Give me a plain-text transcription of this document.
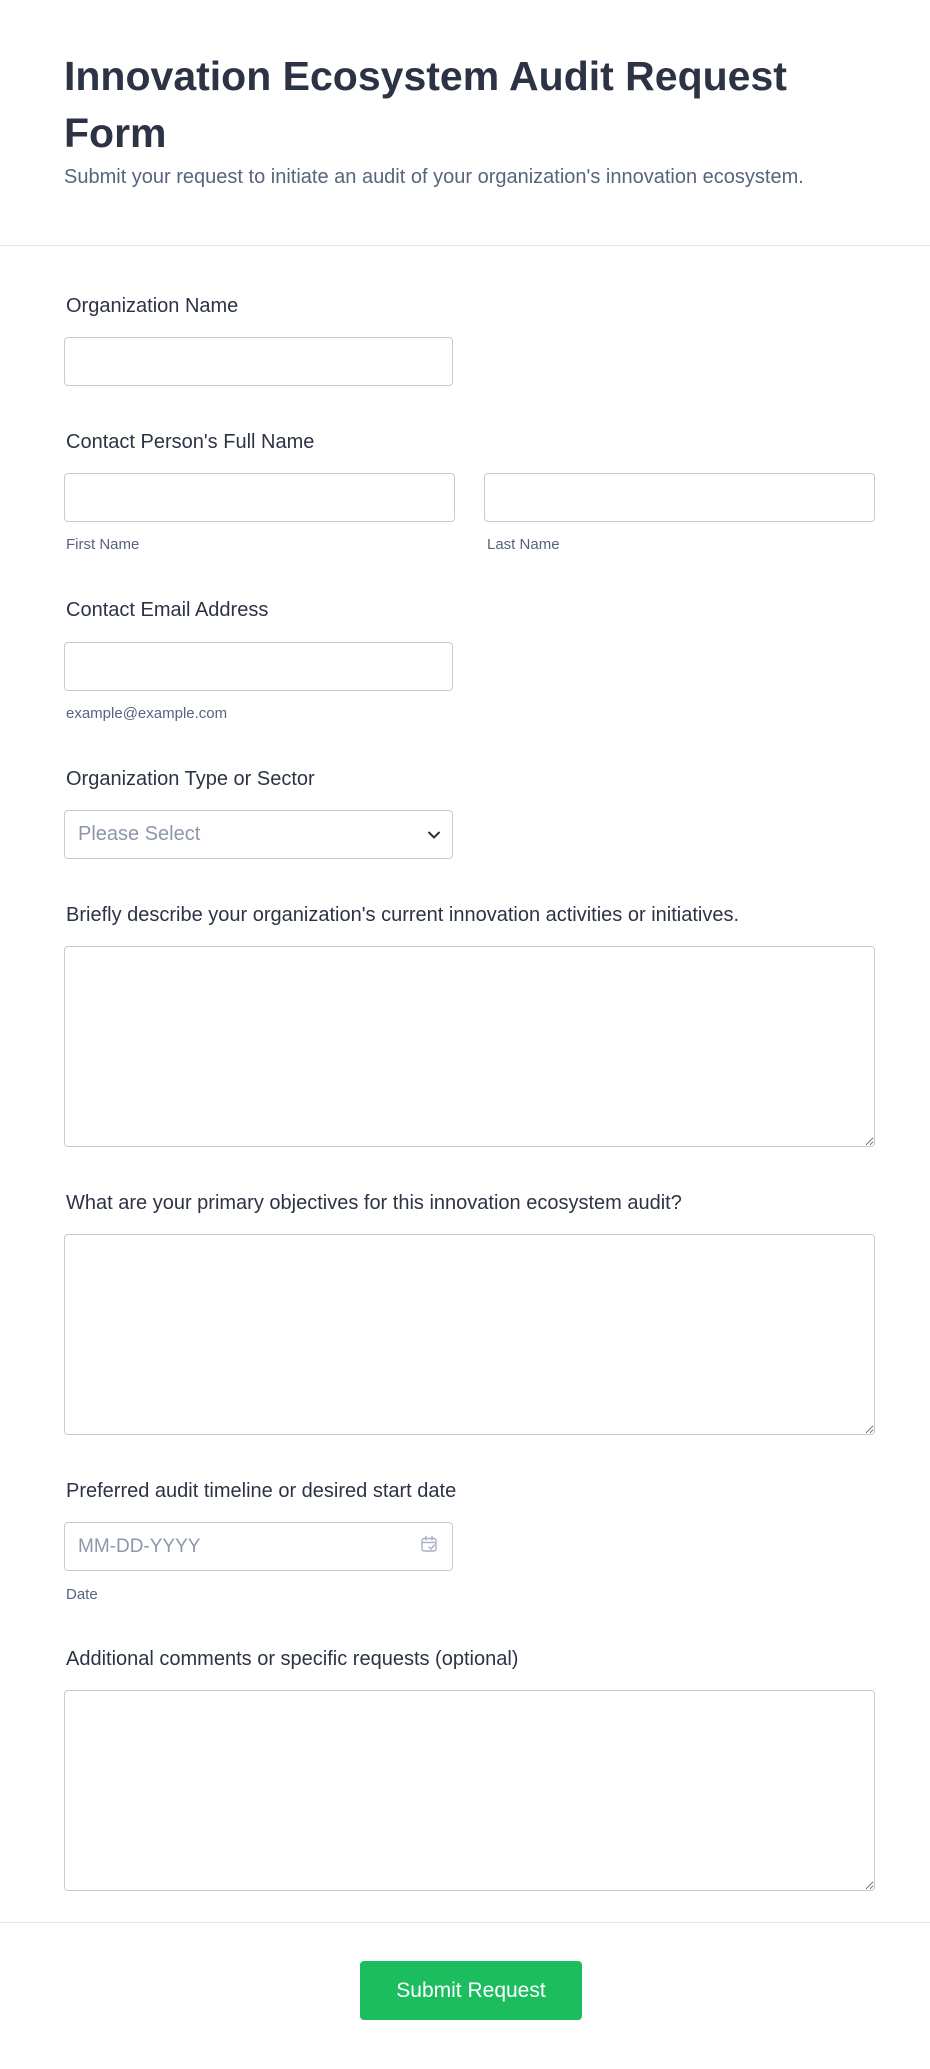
Innovation Ecosystem Audit Request Form

Submit your request to initiate an audit of your organization's innovation ecosystem.

Organization Name
Contact Person's Full Name
First Name	Last Name
Contact Email Address
example@example.com
Organization Type or Sector
Please Select
Briefly describe your organization's current innovation activities or initiatives.
What are your primary objectives for this innovation ecosystem audit?
Preferred audit timeline or desired start date
MM-DD-YYYY
Date
Additional comments or specific requests (optional)
Submit Request
